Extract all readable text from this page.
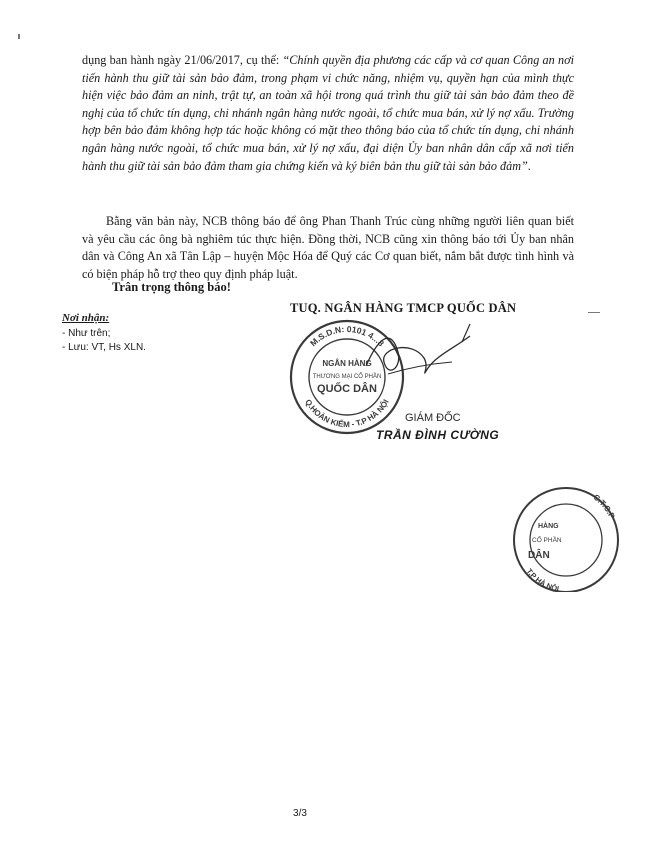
dụng ban hành ngày 21/06/2017, cụ thể: “Chính quyền địa phương các cấp và cơ quan Công an nơi tiến hành thu giữ tài sản bảo đảm, trong phạm vi chức năng, nhiệm vụ, quyền hạn của mình thực hiện việc bảo đảm an ninh, trật tự, an toàn xã hội trong quá trình thu giữ tài sản bảo đảm theo đề nghị của tổ chức tín dụng, chi nhánh ngân hàng nước ngoài, tổ chức mua bán, xử lý nợ xấu. Trường hợp bên bảo đảm không hợp tác hoặc không có mặt theo thông báo của tổ chức tín dụng, chi nhánh ngân hàng nước ngoài, tổ chức mua bán, xử lý nợ xấu, đại diện Ủy ban nhân dân cấp xã nơi tiến hành thu giữ tài sản bảo đảm tham gia chứng kiến và ký biên bản thu giữ tài sản bảo đảm”.

Bằng văn bản này, NCB thông báo để ông Phan Thanh Trúc cùng những người liên quan biết và yêu cầu các ông bà nghiêm túc thực hiện. Đồng thời, NCB cũng xin thông báo tới Ủy ban nhân dân và Công An xã Tân Lập – huyện Mộc Hóa để Quý các Cơ quan biết, nắm bắt được tình hình và có biện pháp hỗ trợ theo quy định pháp luật.

Trân trọng thông báo!
Nơi nhận:
- Như trên;
- Lưu: VT, Hs XLN.
TUQ. NGÂN HÀNG TMCP QUỐC DÂN
M.S.D.N: 0101 4...8
Q.HOÀN KIẾM - T.P HÀ NỘI
NGÂN HÀNG
THƯƠNG MẠI CỔ PHẦN
QUỐC DÂN
GIÁM ĐỐC
TRẦN ĐÌNH CƯỜNG
C.T.C.P
T.P HÀ NỘI
HÀNG
CỔ PHẦN
DÂN
3/3
